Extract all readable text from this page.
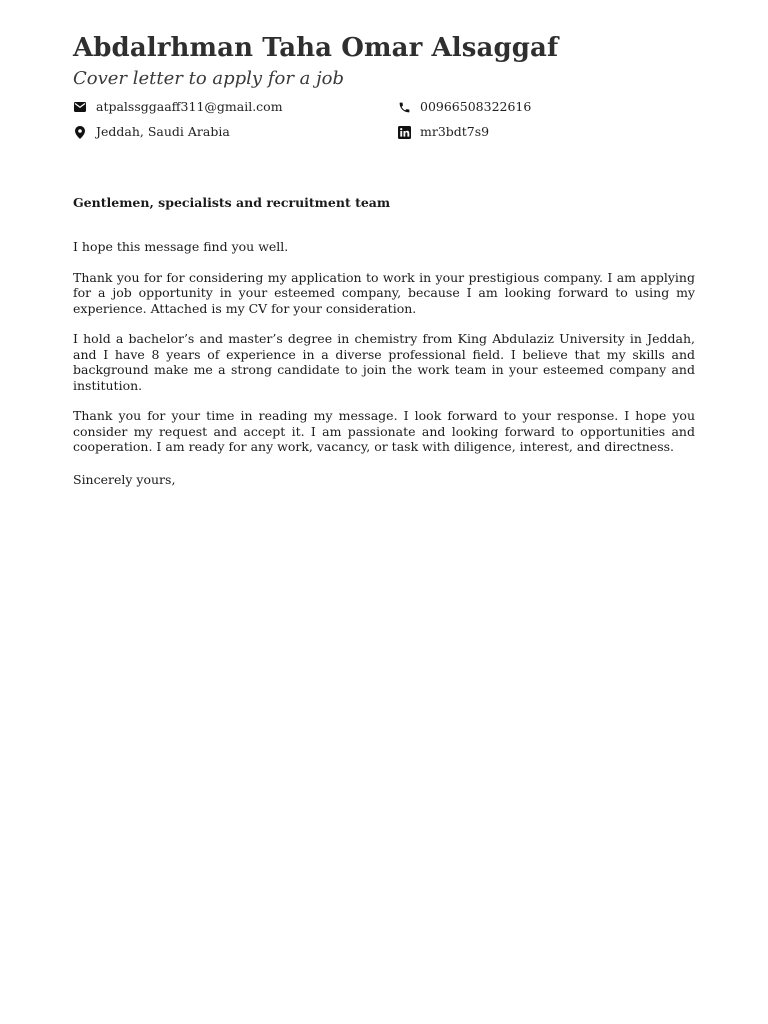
Abdalrhman Taha Omar Alsaggaf

Cover letter to apply for a job

atpalssggaaff311@gmail.com	00966508322616
Jeddah, Saudi Arabia	mr3bdt7s9

Gentlemen, specialists and recruitment team

I hope this message find you well.

Thank you for for considering my application to work in your prestigious company. I am applying for a job opportunity in your esteemed company, because I am looking forward to using my experience. Attached is my CV for your consideration.

I hold a bachelor’s and master’s degree in chemistry from King Abdulaziz University in Jeddah, and I have 8 years of experience in a diverse professional field. I believe that my skills and background make me a strong candidate to join the work team in your esteemed company and institution.

Thank you for your time in reading my message. I look forward to your response. I hope you consider my request and accept it. I am passionate and looking forward to opportunities and cooperation. I am ready for any work, vacancy, or task with diligence, interest, and directness.

Sincerely yours,
